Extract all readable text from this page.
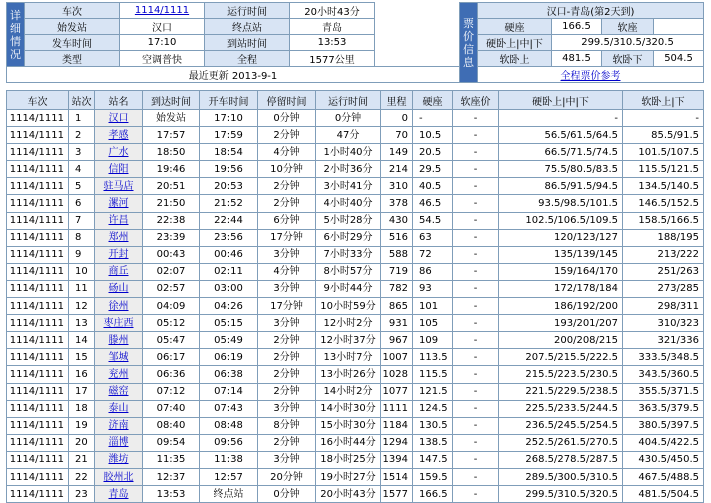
详细情况	车次	1114/1111	运行时间	20小时43分		票价信息	汉口-青岛(第2天到)			
	始发站	汉口	终点站	青岛			硬座	166.5	软座	
	发车时间	17:10	到站时间	13:53			硬卧上|中|下	299.5/310.5/320.5		
	类型	空调普快	全程	1577公里			软卧上	481.5	软卧下	504.5
最近更新 2013-9-1							全程票价参考			
车次	站次	站名	到达时间	开车时间	停留时间	运行时间	里程	硬座	软座价	硬卧上|中|下	软卧上|下
1114/1111	1	汉口	始发站	17:10	0分钟	0分钟	0	-	-	-	-
1114/1111	2	孝感	17:57	17:59	2分钟	47分	70	10.5	-	56.5/61.5/64.5	85.5/91.5
1114/1111	3	广水	18:50	18:54	4分钟	1小时40分	149	20.5	-	66.5/71.5/74.5	101.5/107.5
1114/1111	4	信阳	19:46	19:56	10分钟	2小时36分	214	29.5	-	75.5/80.5/83.5	115.5/121.5
1114/1111	5	驻马店	20:51	20:53	2分钟	3小时41分	310	40.5	-	86.5/91.5/94.5	134.5/140.5
1114/1111	6	漯河	21:50	21:52	2分钟	4小时40分	378	46.5	-	93.5/98.5/101.5	146.5/152.5
1114/1111	7	许昌	22:38	22:44	6分钟	5小时28分	430	54.5	-	102.5/106.5/109.5	158.5/166.5
1114/1111	8	郑州	23:39	23:56	17分钟	6小时29分	516	63	-	120/123/127	188/195
1114/1111	9	开封	00:43	00:46	3分钟	7小时33分	588	72	-	135/139/145	213/222
1114/1111	10	商丘	02:07	02:11	4分钟	8小时57分	719	86	-	159/164/170	251/263
1114/1111	11	砀山	02:57	03:00	3分钟	9小时44分	782	93	-	172/178/184	273/285
1114/1111	12	徐州	04:09	04:26	17分钟	10小时59分	865	101	-	186/192/200	298/311
1114/1111	13	枣庄西	05:12	05:15	3分钟	12小时2分	931	105	-	193/201/207	310/323
1114/1111	14	滕州	05:47	05:49	2分钟	12小时37分	967	109	-	200/208/215	321/336
1114/1111	15	邹城	06:17	06:19	2分钟	13小时7分	1007	113.5	-	207.5/215.5/222.5	333.5/348.5
1114/1111	16	兖州	06:36	06:38	2分钟	13小时26分	1028	115.5	-	215.5/223.5/230.5	343.5/360.5
1114/1111	17	磁窑	07:12	07:14	2分钟	14小时2分	1077	121.5	-	221.5/229.5/238.5	355.5/371.5
1114/1111	18	泰山	07:40	07:43	3分钟	14小时30分	1111	124.5	-	225.5/233.5/244.5	363.5/379.5
1114/1111	19	济南	08:40	08:48	8分钟	15小时30分	1184	130.5	-	236.5/245.5/254.5	380.5/397.5
1114/1111	20	淄博	09:54	09:56	2分钟	16小时44分	1294	138.5	-	252.5/261.5/270.5	404.5/422.5
1114/1111	21	潍坊	11:35	11:38	3分钟	18小时25分	1394	147.5	-	268.5/278.5/287.5	430.5/450.5
1114/1111	22	胶州北	12:37	12:57	20分钟	19小时27分	1514	159.5	-	289.5/300.5/310.5	467.5/488.5
1114/1111	23	青岛	13:53	终点站	0分钟	20小时43分	1577	166.5	-	299.5/310.5/320.5	481.5/504.5
